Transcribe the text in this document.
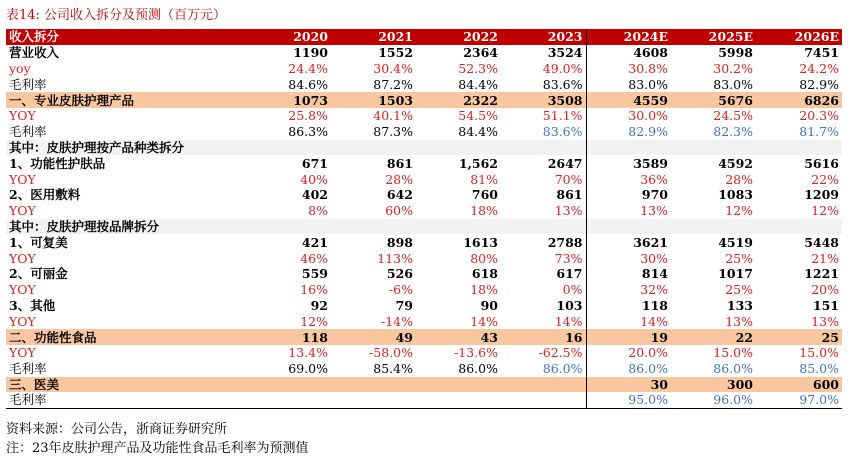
表14: 公司收入拆分及预测（百万元）
收入拆分	2020	2021	2022	2023	2024E	2025E	2026E
营业收入	1190	1552	2364	3524	4608	5998	7451
yoy	24.4%	30.4%	52.3%	49.0%	30.8%	30.2%	24.2%
毛利率	84.6%	87.2%	84.4%	83.6%	83.0%	83.0%	82.9%
一、专业皮肤护理产品	1073	1503	2322	3508	4559	5676	6826
YOY	25.8%	40.1%	54.5%	51.1%	30.0%	24.5%	20.3%
毛利率	86.3%	87.3%	84.4%	83.6%	82.9%	82.3%	81.7%
其中：皮肤护理按产品种类拆分							
1、功能性护肤品	671	861	1,562	2647	3589	4592	5616
YOY	40%	28%	81%	70%	36%	28%	22%
2、医用敷料	402	642	760	861	970	1083	1209
YOY	8%	60%	18%	13%	13%	12%	12%
其中：皮肤护理按品牌拆分							
1、可复美	421	898	1613	2788	3621	4519	5448
YOY	46%	113%	80%	73%	30%	25%	21%
2、可丽金	559	526	618	617	814	1017	1221
YOY	16%	-6%	18%	0%	32%	25%	20%
3、其他	92	79	90	103	118	133	151
YOY	12%	-14%	14%	14%	14%	13%	13%
二、功能性食品	118	49	43	16	19	22	25
YOY	13.4%	-58.0%	-13.6%	-62.5%	20.0%	15.0%	15.0%
毛利率	69.0%	85.4%	86.0%	86.0%	86.0%	86.0%	85.0%
三、医美					30	300	600
毛利率					95.0%	96.0%	97.0%
资料来源：公司公告，浙商证券研究所
注：23年皮肤护理产品及功能性食品毛利率为预测值
